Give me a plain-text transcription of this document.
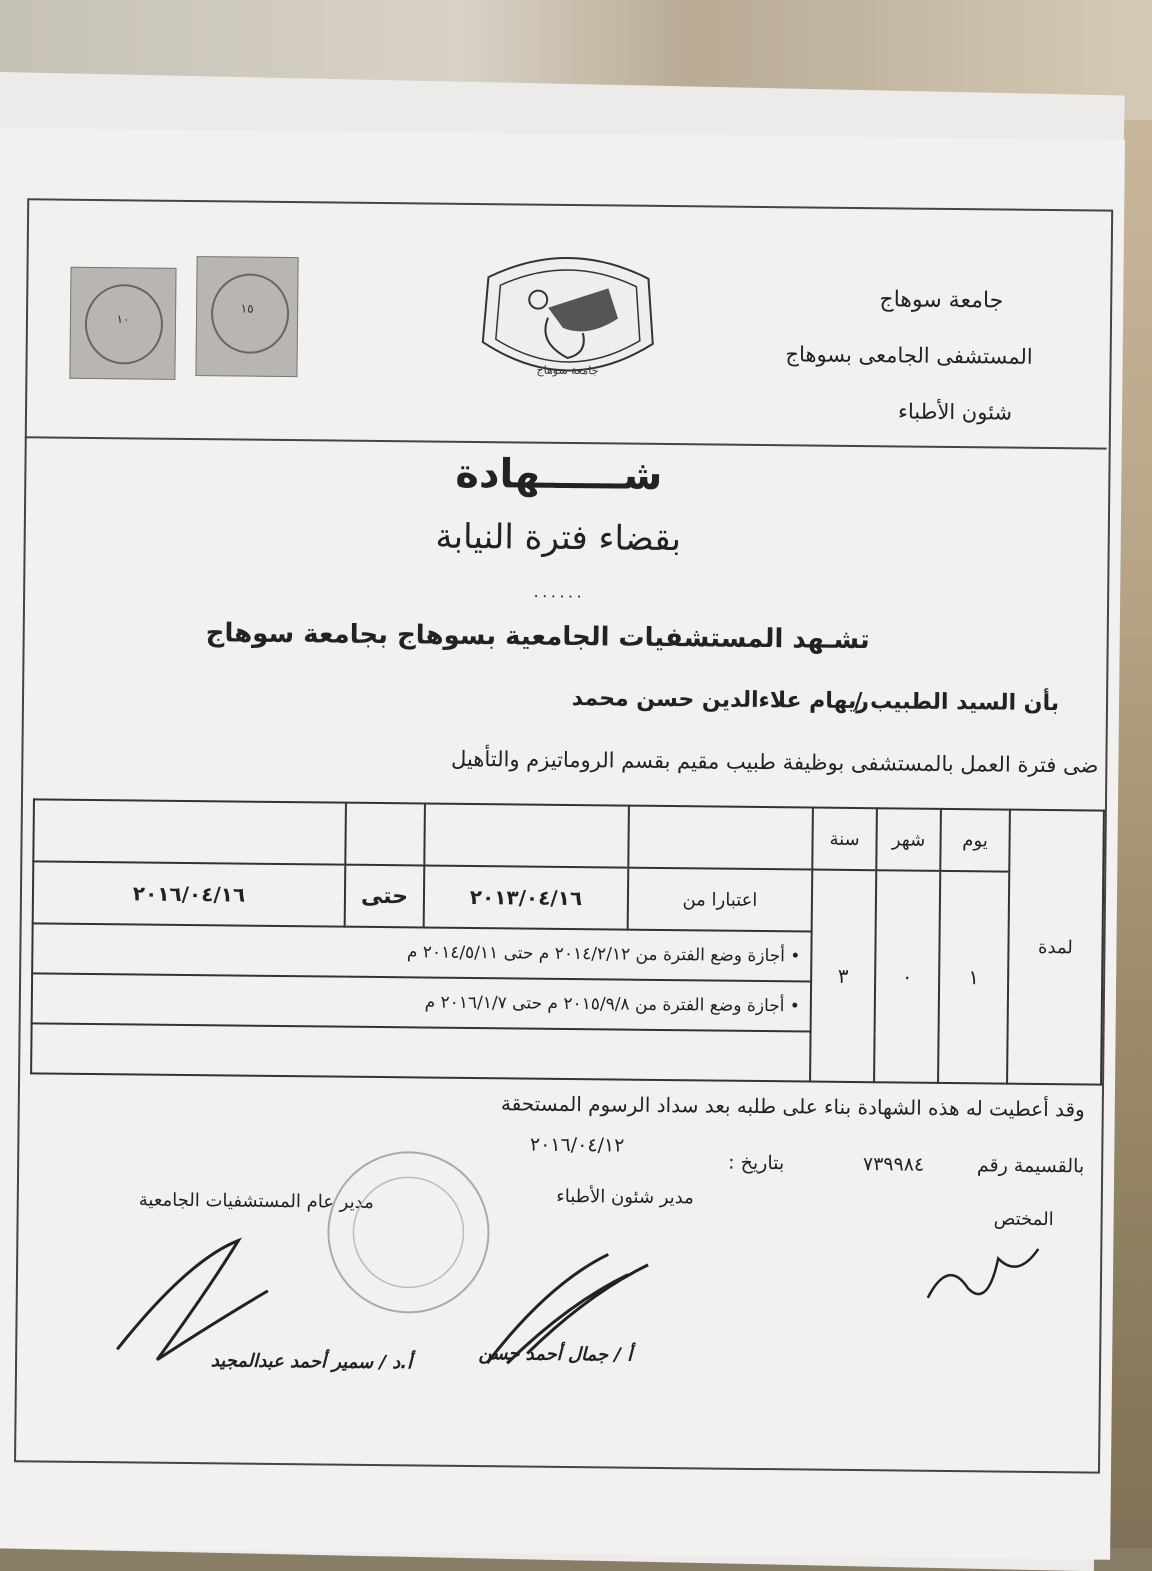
جامعة سوهاج
المستشفى الجامعى بسوهاج
شئون الأطباء
١٠
١٥
جامعة سوهاج
شــــــهادة
بقضاء فترة النيابة
٠٠٠٠٠٠
تشـهد المستشفيات الجامعية بسوهاج بجامعة سوهاج
بأن السيد الطبيب /
ريهام علاءالدين حسن محمد
ضى فترة العمل بالمستشفى بوظيفة طبيب مقيم بقسم الروماتيزم والتأهيل
لمدة	يوم	شهر	سنة				
	١	٠	٣	اعتبارا من	٢٠١٣/٠٤/١٦	حتى	٢٠١٦/٠٤/١٦
				• أجازة وضع الفترة من ٢٠١٤/٢/١٢ م حتى ٢٠١٤/٥/١١ م			
				• أجازة وضع الفترة من ٢٠١٥/٩/٨ م حتى ٢٠١٦/١/٧ م			

وقد أعطيت له هذه الشهادة بناء على طلبه بعد سداد الرسوم المستحقة
بالقسيمة رقم
٧٣٩٩٨٤
بتاريخ :
٢٠١٦/٠٤/١٢
المختص
مدير شئون الأطباء
مدير عام المستشفيات الجامعية
أ / جمال أحمد حسن
أ.د / سمير أحمد عبدالمجيد
